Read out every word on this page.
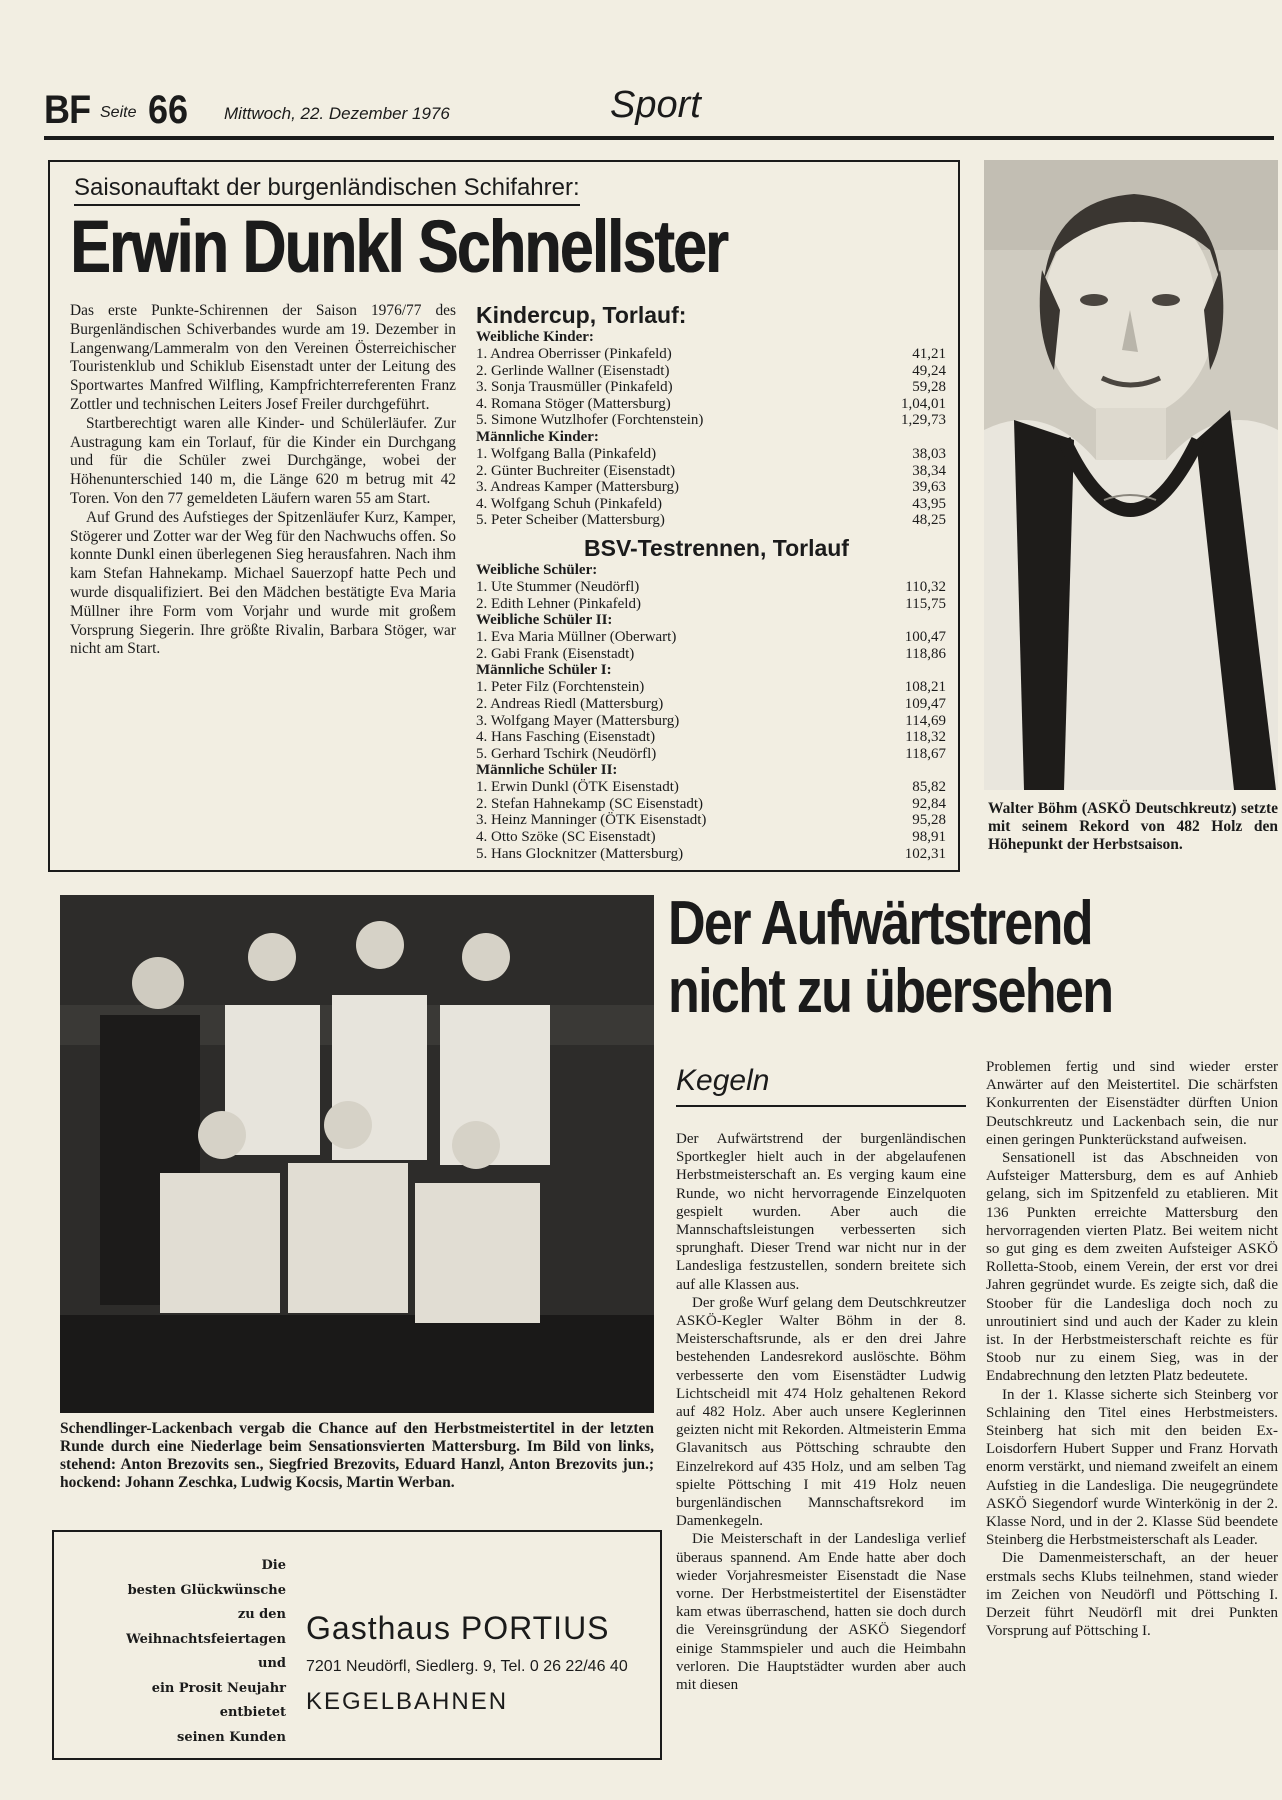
BF Seite 66 Mittwoch, 22. Dezember 1976	Sport
Saisonauftakt der burgenländischen Schifahrer:
Erwin Dunkl Schnellster

Das erste Punkte-Schirennen der Saison 1976/77 des Burgenländischen Schiverbandes wurde am 19. Dezember in Langenwang/Lammeralm von den Vereinen Österreichischer Touristenklub und Schiklub Eisenstadt unter der Leitung des Sportwartes Manfred Wilfling, Kampfrichterreferenten Franz Zottler und technischen Leiters Josef Freiler durchgeführt.

Startberechtigt waren alle Kinder- und Schülerläufer. Zur Austragung kam ein Torlauf, für die Kinder ein Durchgang und für die Schüler zwei Durchgänge, wobei der Höhenunterschied 140 m, die Länge 620 m betrug mit 42 Toren. Von den 77 gemeldeten Läufern waren 55 am Start.

Auf Grund des Aufstieges der Spitzenläufer Kurz, Kamper, Stögerer und Zotter war der Weg für den Nachwuchs offen. So konnte Dunkl einen überlegenen Sieg herausfahren. Nach ihm kam Stefan Hahnekamp. Michael Sauerzopf hatte Pech und wurde disqualifiziert. Bei den Mädchen bestätigte Eva Maria Müllner ihre Form vom Vorjahr und wurde mit großem Vorsprung Siegerin. Ihre größte Rivalin, Barbara Stöger, war nicht am Start.

Kindercup, Torlauf:
Weibliche Kinder:
1. Andrea Oberrisser (Pinkafeld)	41,21
2. Gerlinde Wallner (Eisenstadt)	49,24
3. Sonja Trausmüller (Pinkafeld)	59,28
4. Romana Stöger (Mattersburg)	1,04,01
5. Simone Wutzlhofer (Forchtenstein)	1,29,73
Männliche Kinder:
1. Wolfgang Balla (Pinkafeld)	38,03
2. Günter Buchreiter (Eisenstadt)	38,34
3. Andreas Kamper (Mattersburg)	39,63
4. Wolfgang Schuh (Pinkafeld)	43,95
5. Peter Scheiber (Mattersburg)	48,25
BSV-Testrennen, Torlauf
Weibliche Schüler:
1. Ute Stummer (Neudörfl)	110,32
2. Edith Lehner (Pinkafeld)	115,75
Weibliche Schüler II:
1. Eva Maria Müllner (Oberwart)	100,47
2. Gabi Frank (Eisenstadt)	118,86
Männliche Schüler I:
1. Peter Filz (Forchtenstein)	108,21
2. Andreas Riedl (Mattersburg)	109,47
3. Wolfgang Mayer (Mattersburg)	114,69
4. Hans Fasching (Eisenstadt)	118,32
5. Gerhard Tschirk (Neudörfl)	118,67
Männliche Schüler II:
1. Erwin Dunkl (ÖTK Eisenstadt)	85,82
2. Stefan Hahnekamp (SC Eisenstadt)	92,84
3. Heinz Manninger (ÖTK Eisenstadt)	95,28
4. Otto Szöke (SC Eisenstadt)	98,91
5. Hans Glocknitzer (Mattersburg)	102,31
Walter Böhm (ASKÖ Deutschkreutz) setzte mit seinem Rekord von 482 Holz den Höhepunkt der Herbstsaison.
Schendlinger-Lackenbach vergab die Chance auf den Herbstmeistertitel in der letzten Runde durch eine Niederlage beim Sensationsvierten Mattersburg. Im Bild von links, stehend: Anton Brezovits sen., Siegfried Brezovits, Eduard Hanzl, Anton Brezovits jun.; hockend: Johann Zeschka, Ludwig Kocsis, Martin Werban.
Der Aufwärtstrend
nicht zu übersehen
Kegeln

Der Aufwärtstrend der burgenländischen Sportkegler hielt auch in der abgelaufenen Herbstmeisterschaft an. Es verging kaum eine Runde, wo nicht hervorragende Einzelquoten gespielt wurden. Aber auch die Mannschaftsleistungen verbesserten sich sprunghaft. Dieser Trend war nicht nur in der Landesliga festzustellen, sondern breitete sich auf alle Klassen aus.

Der große Wurf gelang dem Deutschkreutzer ASKÖ-Kegler Walter Böhm in der 8. Meisterschaftsrunde, als er den drei Jahre bestehenden Landesrekord auslöschte. Böhm verbesserte den vom Eisenstädter Ludwig Lichtscheidl mit 474 Holz gehaltenen Rekord auf 482 Holz. Aber auch unsere Keglerinnen geizten nicht mit Rekorden. Altmeisterin Emma Glavanitsch aus Pöttsching schraubte den Einzelrekord auf 435 Holz, und am selben Tag spielte Pöttsching I mit 419 Holz neuen burgenländischen Mannschaftsrekord im Damenkegeln.

Die Meisterschaft in der Landesliga verlief überaus spannend. Am Ende hatte aber doch wieder Vorjahresmeister Eisenstadt die Nase vorne. Der Herbstmeistertitel der Eisenstädter kam etwas überraschend, hatten sie doch durch die Vereinsgründung der ASKÖ Siegendorf einige Stammspieler und auch die Heimbahn verloren. Die Hauptstädter wurden aber auch mit diesen

Problemen fertig und sind wieder erster Anwärter auf den Meistertitel. Die schärfsten Konkurrenten der Eisenstädter dürften Union Deutschkreutz und Lackenbach sein, die nur einen geringen Punkterückstand aufweisen.

Sensationell ist das Abschneiden von Aufsteiger Mattersburg, dem es auf Anhieb gelang, sich im Spitzenfeld zu etablieren. Mit 136 Punkten erreichte Mattersburg den hervorragenden vierten Platz. Bei weitem nicht so gut ging es dem zweiten Aufsteiger ASKÖ Rolletta-Stoob, einem Verein, der erst vor drei Jahren gegründet wurde. Es zeigte sich, daß die Stoober für die Landesliga doch noch zu unroutiniert sind und auch der Kader zu klein ist. In der Herbstmeisterschaft reichte es für Stoob nur zu einem Sieg, was in der Endabrechnung den letzten Platz bedeutete.

In der 1. Klasse sicherte sich Steinberg vor Schlaining den Titel eines Herbstmeisters. Steinberg hat sich mit den beiden Ex-Loisdorfern Hubert Supper und Franz Horvath enorm verstärkt, und niemand zweifelt an einem Aufstieg in die Landesliga. Die neugegründete ASKÖ Siegendorf wurde Winterkönig in der 2. Klasse Nord, und in der 2. Klasse Süd beendete Steinberg die Herbstmeisterschaft als Leader.

Die Damenmeisterschaft, an der heuer erstmals sechs Klubs teilnehmen, stand wieder im Zeichen von Neudörfl und Pöttsching I. Derzeit führt Neudörfl mit drei Punkten Vorsprung auf Pöttsching I.

Die
besten Glückwünsche
zu den
Weihnachtsfeiertagen
und
ein Prosit Neujahr
entbietet
seinen Kunden
Gasthaus PORTIUS
7201 Neudörfl, Siedlerg. 9, Tel. 0 26 22/46 40
KEGELBAHNEN
